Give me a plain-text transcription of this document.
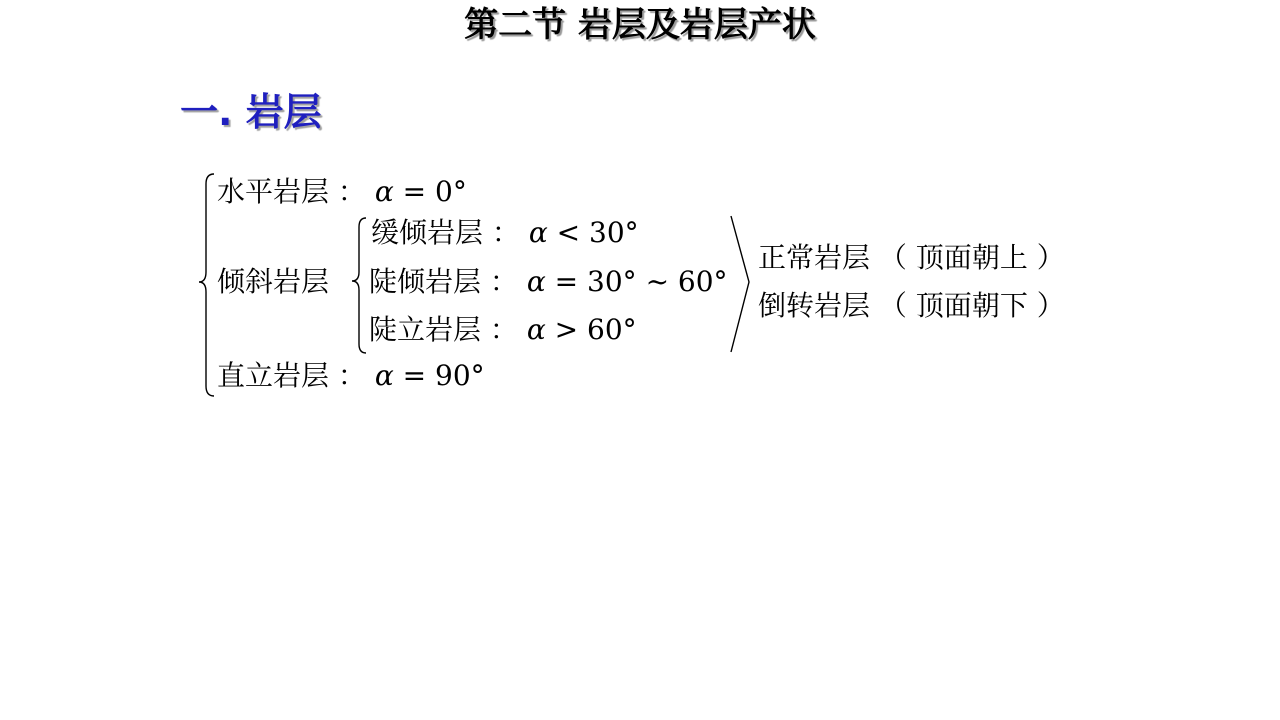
第二节 岩层及岩层产状
一. 岩层
水平岩层 ： α = 0°
缓倾岩层 ： α < 30°
倾斜岩层 陡倾岩层 ： α = 30° ~ 60°
陡立岩层 ： α > 60°
正常岩层 （ 顶面朝上 ）
倒转岩层 （ 顶面朝下 ）
直立岩层 ： α = 90°
